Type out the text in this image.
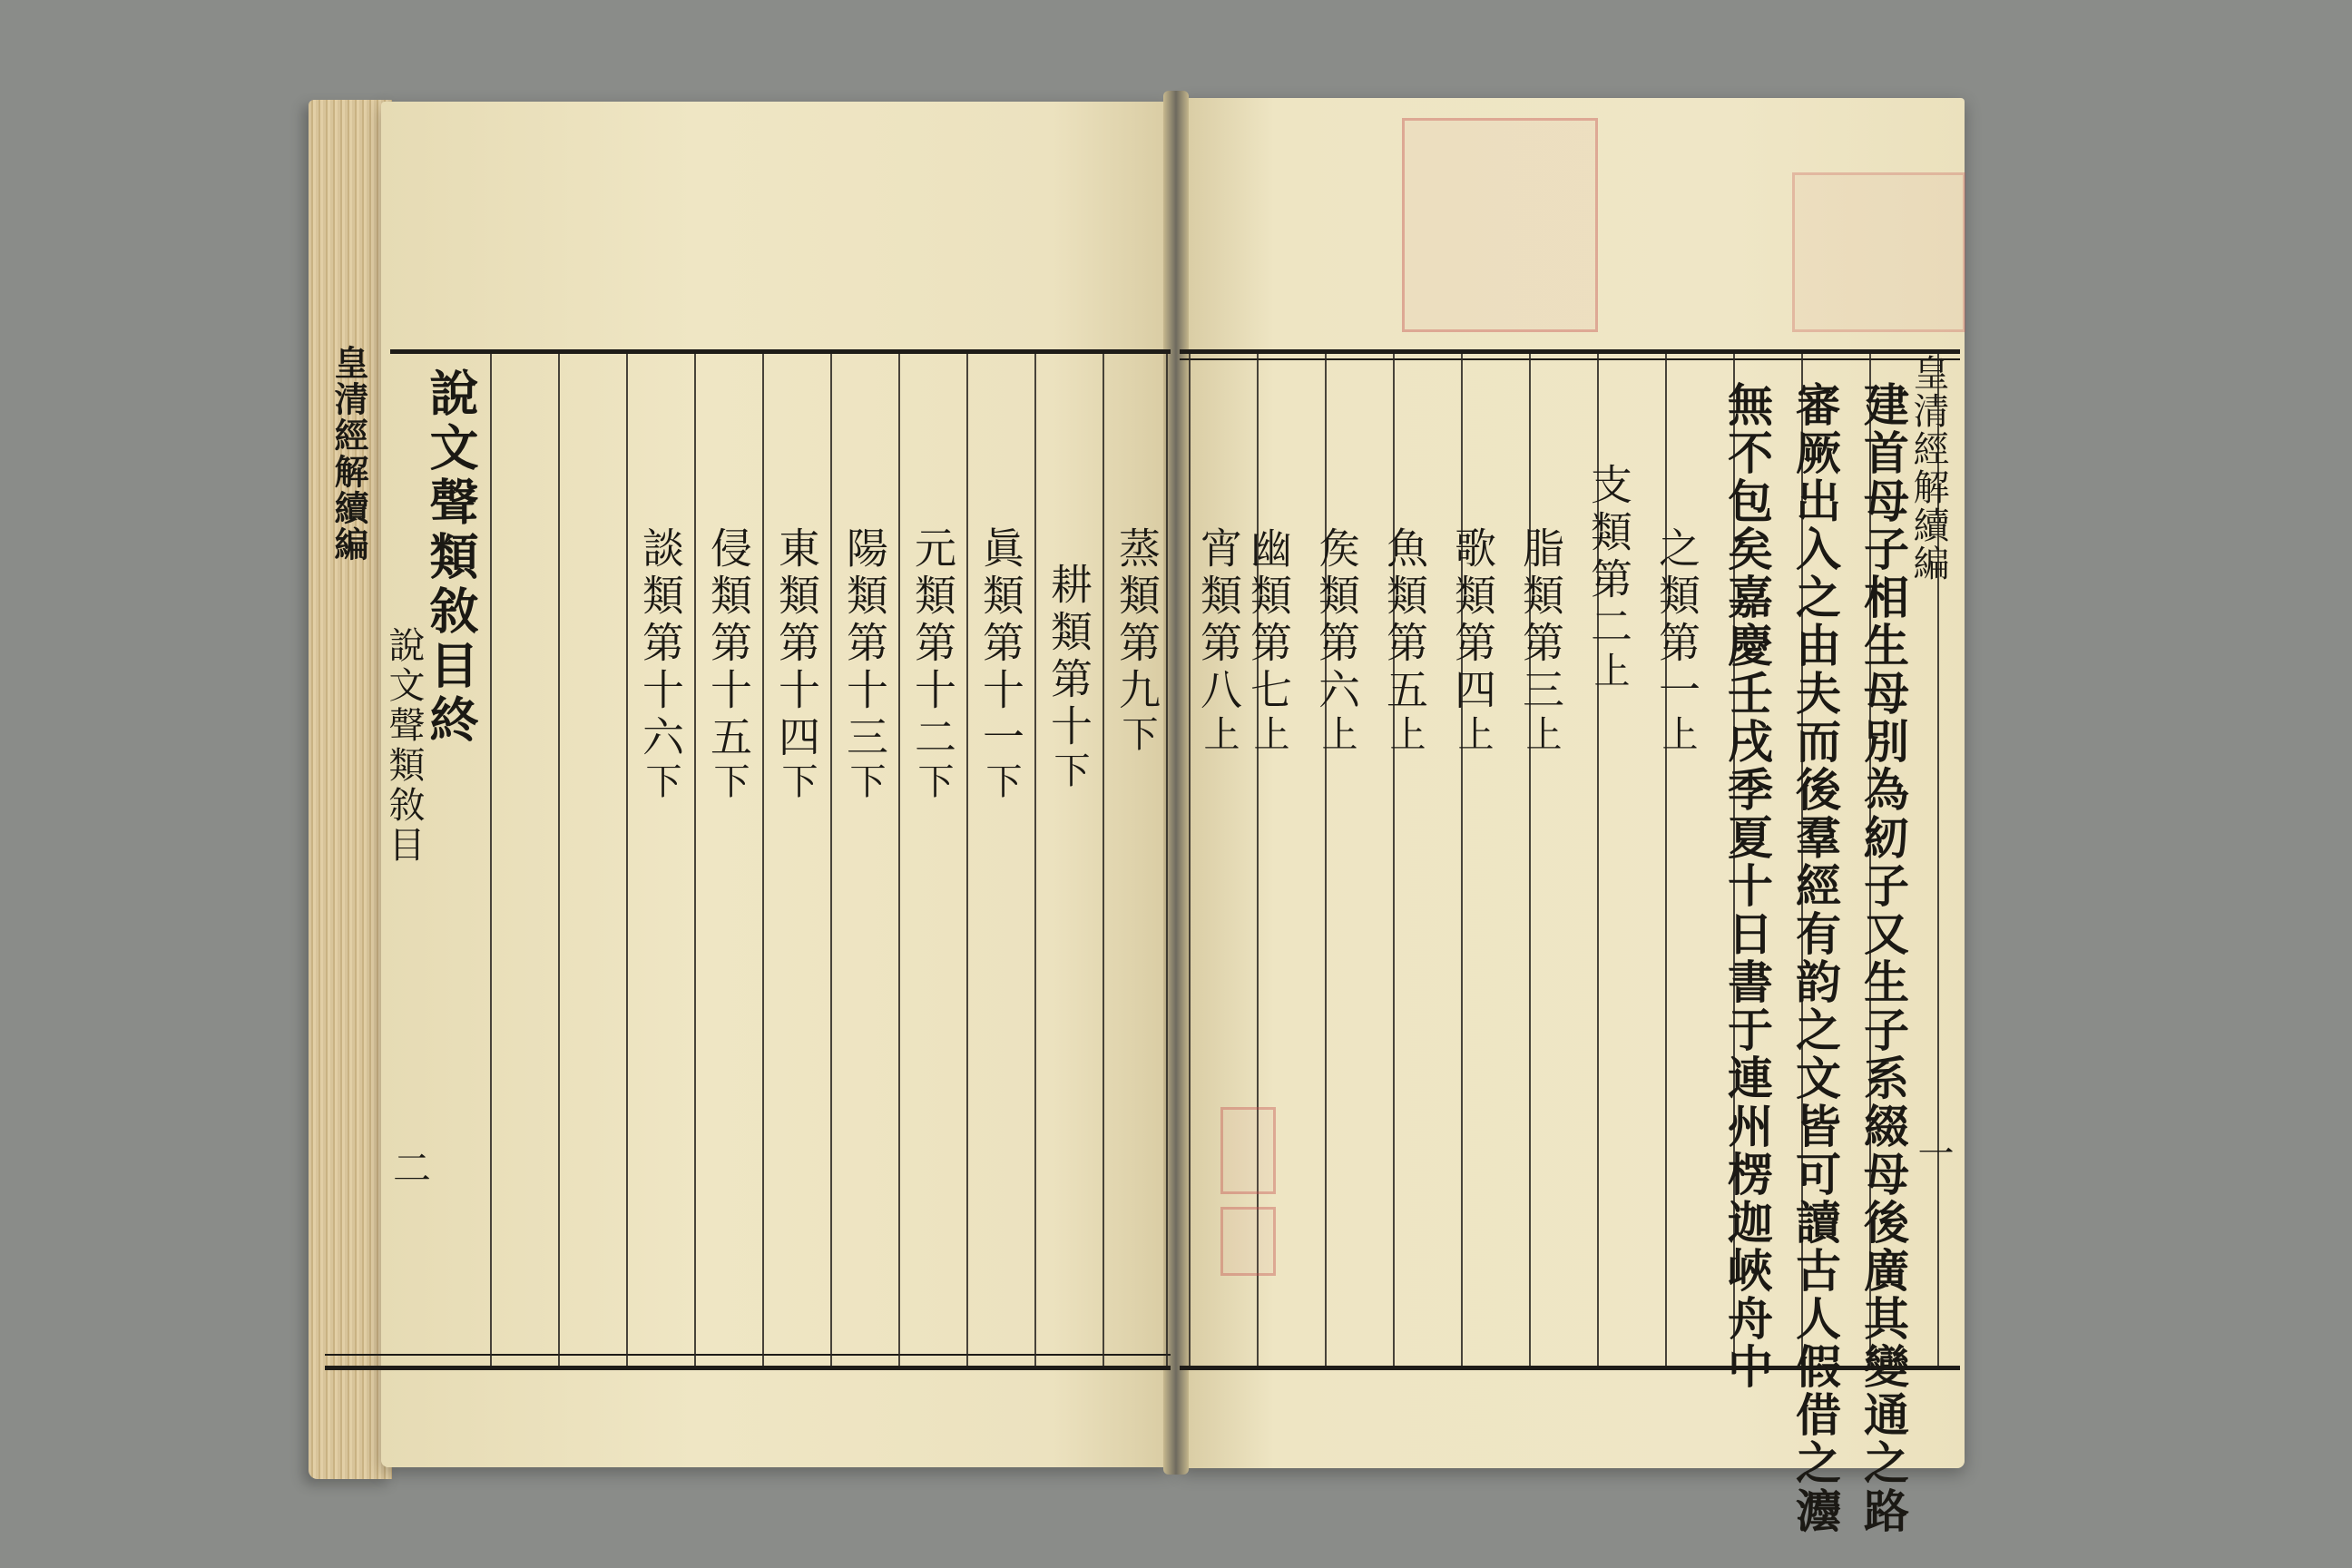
說文聲類敘目終	蒸類第九下
耕類第十下
眞類第十一下
元類第十二下
陽類第十三下
東類第十四下
侵類第十五下
談類第十六下
皇清經解續編
說文聲類敘目
二
皇清經解續編
一
建首母子相生母別為紉子又生子系綴母後廣其變通之路
審厥出入之由夫而後羣經有韵之文皆可讀古人假借之灋
無不包矣嘉慶壬戌季夏十日書于連州楞迦峽舟中
之類第一上
支類第二上
脂類第三上
歌類第四上
魚類第五上
矦類第六上
幽類第七上
宵類第八上
